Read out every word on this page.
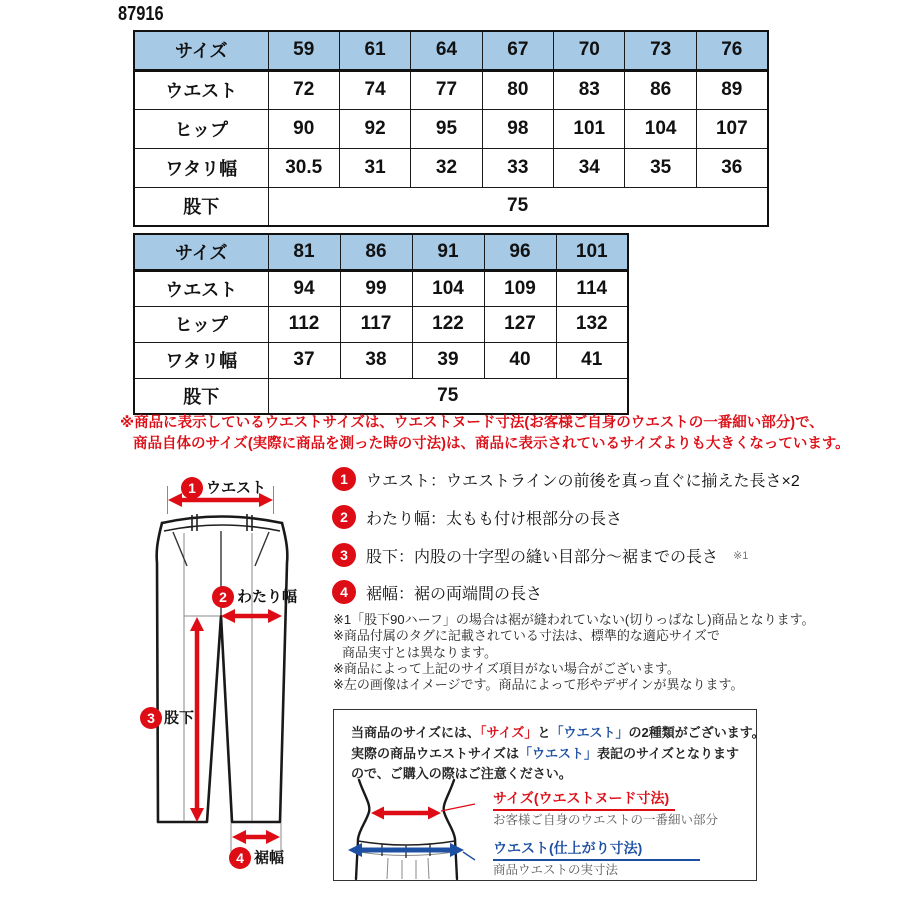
87916
サイズ	59	61	64	67	70	73	76
ウエスト	72	74	77	80	83	86	89
ヒップ	90	92	95	98	101	104	107
ワタリ幅	30.5	31	32	33	34	35	36
股下	75						
サイズ	81	86	91	96	101
ウエスト	94	99	104	109	114
ヒップ	112	117	122	127	132
ワタリ幅	37	38	39	40	41
股下	75				
※商品に表示しているウエストサイズは、ウエストヌード寸法(お客様ご自身のウエストの一番細い部分)で、
商品自体のサイズ(実際に商品を測った時の寸法)は、商品に表示されているサイズよりも大きくなっています。
1 ウエスト
2 わたり幅
3 股下
4 裾幅
1	ウエスト：ウエストラインの前後を真っ直ぐに揃えた長さ×2
2	わたり幅：太もも付け根部分の長さ
3	股下：内股の十字型の縫い目部分〜裾までの長さ ※1
4	裾幅：裾の両端間の長さ
※1「股下90ハーフ」の場合は裾が縫われていない(切りっぱなし)商品となります。
※商品付属のタグに記載されている寸法は、標準的な適応サイズで
商品実寸とは異なります。
※商品によって上記のサイズ項目がない場合がございます。
※左の画像はイメージです。商品によって形やデザインが異なります。
当商品のサイズには、「サイズ」と「ウエスト」の2種類がございます。
実際の商品ウエストサイズは「ウエスト」表記のサイズとなります
ので、ご購入の際はご注意ください。
サイズ(ウエストヌード寸法)
お客様ご自身のウエストの一番細い部分
ウエスト(仕上がり寸法)
商品ウエストの実寸法
